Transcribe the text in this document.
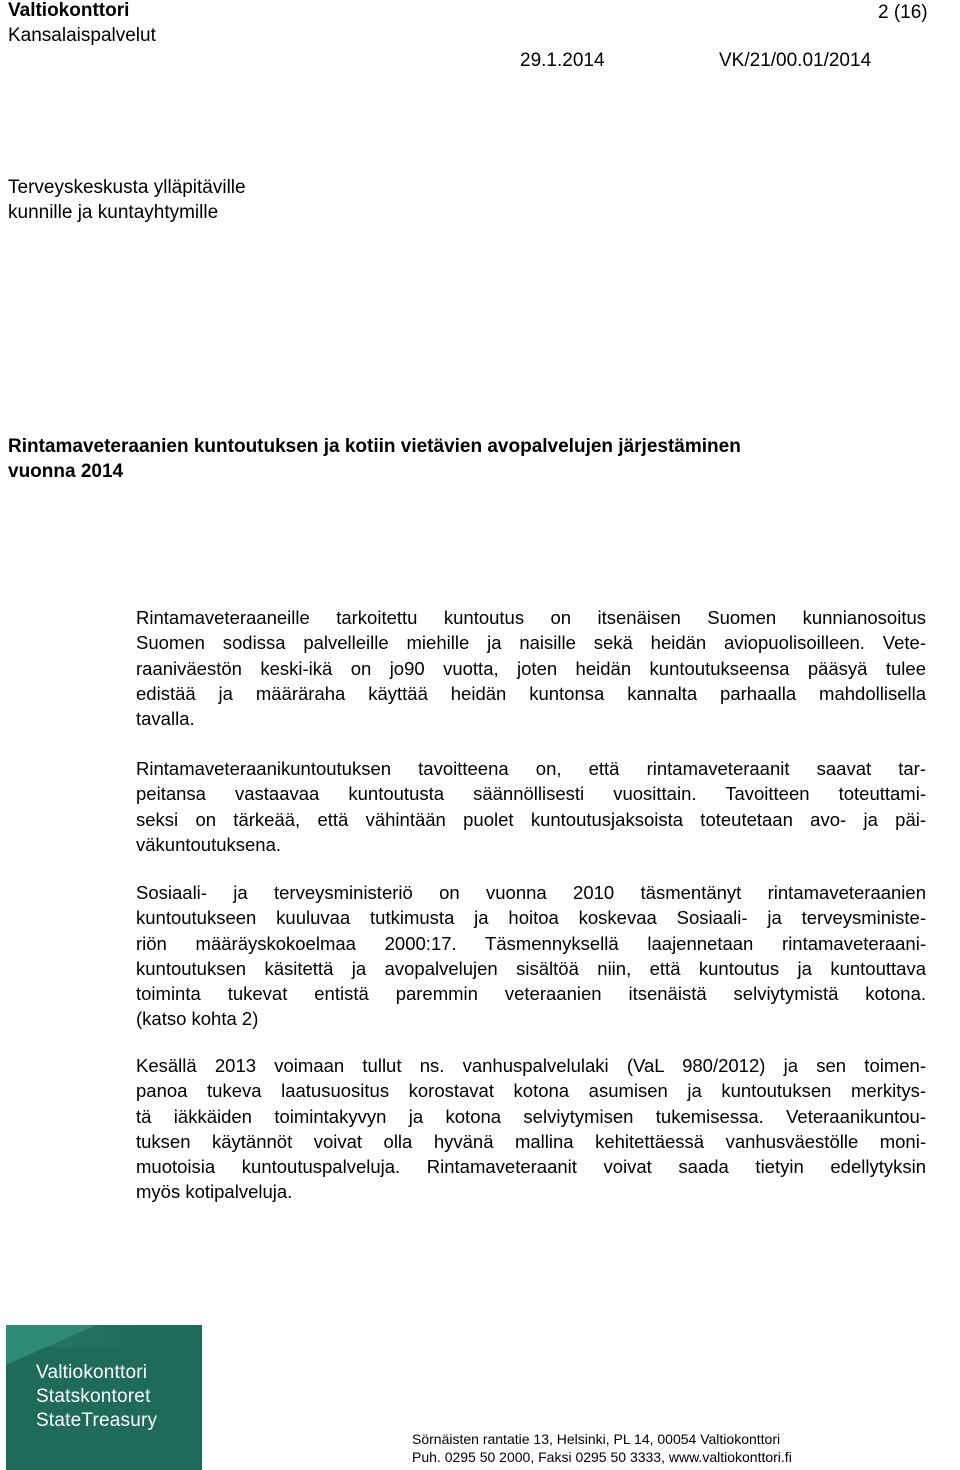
Valtiokonttori
Kansalaispalvelut
2 (16)
29.1.2014	VK/21/00.01/2014
Terveyskeskusta ylläpitäville
kunnille ja kuntayhtymille
Rintamaveteraanien kuntoutuksen ja kotiin vietävien avopalvelujen järjestäminen
vuonna 2014
Rintamaveteraaneille tarkoitettu kuntoutus on itsenäisen Suomen kunnianosoitus
Suomen sodissa palvelleille miehille ja naisille sekä heidän aviopuolisoilleen. Vete-
raaniväestön keski-ikä on jo90 vuotta, joten heidän kuntoutukseensa pääsyä tulee
edistää ja määräraha käyttää heidän kuntonsa kannalta parhaalla mahdollisella
tavalla.
Rintamaveteraanikuntoutuksen tavoitteena on, että rintamaveteraanit saavat tar-
peitansa vastaavaa kuntoutusta säännöllisesti vuosittain. Tavoitteen toteuttami-
seksi on tärkeää, että vähintään puolet kuntoutusjaksoista toteutetaan avo- ja päi-
väkuntoutuksena.
Sosiaali- ja terveysministeriö on vuonna 2010 täsmentänyt rintamaveteraanien
kuntoutukseen kuuluvaa tutkimusta ja hoitoa koskevaa Sosiaali- ja terveysministe-
riön määräyskokoelmaa 2000:17. Täsmennyksellä laajennetaan rintamaveteraani-
kuntoutuksen käsitettä ja avopalvelujen sisältöä niin, että kuntoutus ja kuntouttava
toiminta tukevat entistä paremmin veteraanien itsenäistä selviytymistä kotona.
(katso kohta 2)
Kesällä 2013 voimaan tullut ns. vanhuspalvelulaki (VaL 980/2012) ja sen toimen-
panoa tukeva laatusuositus korostavat kotona asumisen ja kuntoutuksen merkitys-
tä iäkkäiden toimintakyvyn ja kotona selviytymisen tukemisessa. Veteraanikuntou-
tuksen käytännöt voivat olla hyvänä mallina kehitettäessä vanhusväestölle moni-
muotoisia kuntoutuspalveluja. Rintamaveteraanit voivat saada tietyin edellytyksin
myös kotipalveluja.
Valtiokonttori
Statskontoret
StateTreasury
Sörnäisten rantatie 13, Helsinki, PL 14, 00054 Valtiokonttori
Puh. 0295 50 2000, Faksi 0295 50 3333, www.valtiokonttori.fi
